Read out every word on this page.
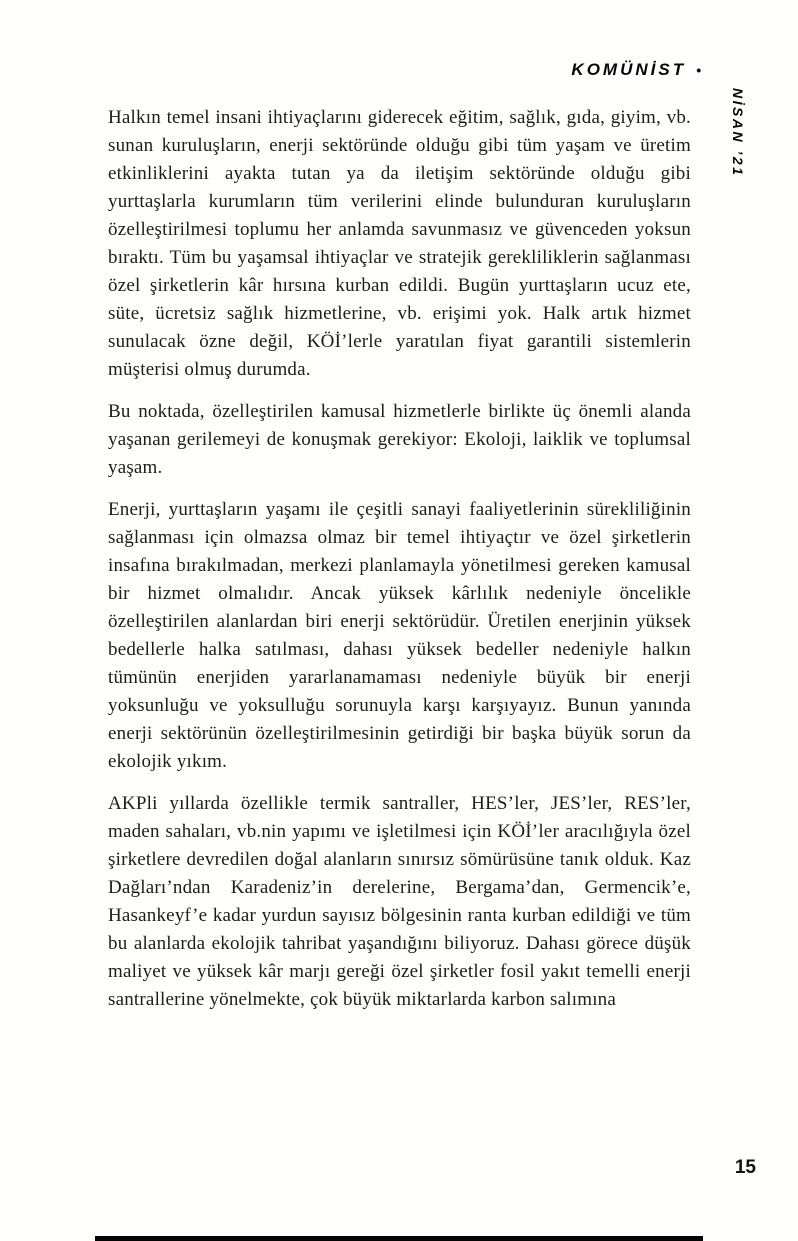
KOMÜNİST •
NİSAN ’21

Halkın temel insani ihtiyaçlarını giderecek eğitim, sağlık, gıda, giyim, vb. sunan kuruluşların, enerji sektöründe olduğu gibi tüm yaşam ve üretim etkinliklerini ayakta tutan ya da iletişim sektöründe olduğu gibi yurttaşlarla kurumların tüm verilerini elinde bulunduran kuruluşların özelleştirilmesi toplumu her anlamda savunmasız ve güvenceden yoksun bıraktı. Tüm bu yaşamsal ihtiyaçlar ve stratejik gerekliliklerin sağlanması özel şirketlerin kâr hırsına kurban edildi. Bugün yurttaşların ucuz ete, süte, ücretsiz sağlık hizmetlerine, vb. erişimi yok. Halk artık hizmet sunulacak özne değil, KÖİ’lerle yaratılan fiyat garantili sistemlerin müşterisi olmuş durumda.

Bu noktada, özelleştirilen kamusal hizmetlerle birlikte üç önemli alanda yaşanan gerilemeyi de konuşmak gerekiyor: Ekoloji, laiklik ve toplumsal yaşam.

Enerji, yurttaşların yaşamı ile çeşitli sanayi faaliyetlerinin sürekliliğinin sağlanması için olmazsa olmaz bir temel ihtiyaçtır ve özel şirketlerin insafına bırakılmadan, merkezi planlamayla yönetilmesi gereken kamusal bir hizmet olmalıdır. Ancak yüksek kârlılık nedeniyle öncelikle özelleştirilen alanlardan biri enerji sektörüdür. Üretilen enerjinin yüksek bedellerle halka satılması, dahası yüksek bedeller nedeniyle halkın tümünün enerjiden yararlanamaması nedeniyle büyük bir enerji yoksunluğu ve yoksulluğu sorunuyla karşı karşıyayız. Bunun yanında enerji sektörünün özelleştirilmesinin getirdiği bir başka büyük sorun da ekolojik yıkım.

AKPli yıllarda özellikle termik santraller, HES’ler, JES’ler, RES’ler, maden sahaları, vb.nin yapımı ve işletilmesi için KÖİ’ler aracılığıyla özel şirketlere devredilen doğal alanların sınırsız sömürüsüne tanık olduk. Kaz Dağları’ndan Karadeniz’in derelerine, Bergama’dan, Germencik’e, Hasankeyf’e kadar yurdun sayısız bölgesinin ranta kurban edildiği ve tüm bu alanlarda ekolojik tahribat yaşandığını biliyoruz. Dahası görece düşük maliyet ve yüksek kâr marjı gereği özel şirketler fosil yakıt temelli enerji santrallerine yönelmekte, çok büyük miktarlarda karbon salımına

15
